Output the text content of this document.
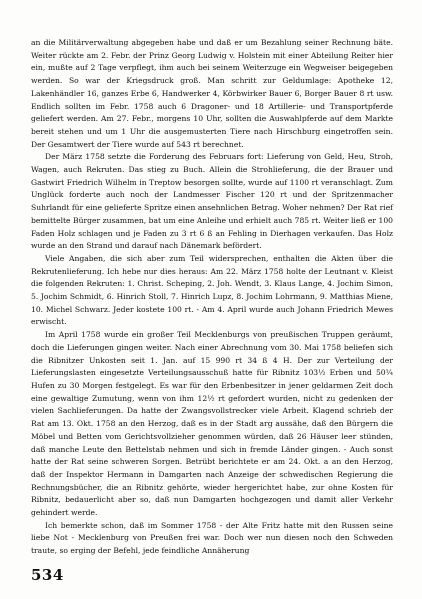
an die Militärverwaltung abgegeben habe und daß er um Bezahlung seiner Rechnung bäte. Weiter rückte am 2. Febr. der Prinz Georg Ludwig v. Holstein mit einer Abteilung Reiter hier ein, mußte auf 2 Tage verpflegt, ihm auch bei seinem Weiterzuge ein Wegweiser beigegeben werden. So war der Kriegsdruck groß. Man schritt zur Geldumlage: Apotheke 12, Lakenhändler 16, ganzes Erbe 6, Handwerker 4, Körbwirker Bauer 6, Borger Bauer 8 rt usw. Endlich sollten im Febr. 1758 auch 6 Dragoner- und 18 Artillerie- und Transportpferde geliefert werden. Am 27. Febr., morgens 10 Uhr, sollten die Auswahlpferde auf dem Markte bereit stehen und um 1 Uhr die ausgemusterten Tiere nach Hirschburg eingetroffen sein. Der Gesamtwert der Tiere wurde auf 543 rt berechnet.

Der März 1758 setzte die Forderung des Februars fort: Lieferung von Geld, Heu, Stroh, Wagen, auch Rekruten. Das stieg zu Buch. Allein die Strohlieferung, die der Brauer und Gastwirt Friedrich Wilhelm in Treptow besorgen sollte, wurde auf 1100 rt veranschlagt. Zum Unglück forderte auch noch der Landmesser Fischer 120 rt und der Spritzenmacher Suhrlandt für eine gelieferte Spritze einen ansehnlichen Betrag. Woher nehmen? Der Rat rief bemittelte Bürger zusammen, bat um eine Anleihe und erhielt auch 785 rt. Weiter ließ er 100 Faden Holz schlagen und je Faden zu 3 rt 6 ß an Fehling in Dierhagen verkaufen. Das Holz wurde an den Strand und darauf nach Dänemark befördert.

Viele Angaben, die sich aber zum Teil widersprechen, enthalten die Akten über die Rekrutenlieferung. Ich hebe nur dies heraus: Am 22. März 1758 holte der Leutnant v. Kleist die folgenden Rekruten: 1. Christ. Scheping, 2. Joh. Wendt, 3. Klaus Lange, 4. Jochim Simon, 5. Jochim Schmidt, 6. Hinrich Stoll, 7. Hinrich Lupz, 8. Jochim Lohrmann, 9. Matthias Miene, 10. Michel Schwarz. Jeder kostete 100 rt. - Am 4. April wurde auch Johann Friedrich Mewes erwischt.

Im April 1758 wurde ein großer Teil Mecklenburgs von preußischen Truppen geräumt, doch die Lieferungen gingen weiter. Nach einer Abrechnung vom 30. Mai 1758 beliefen sich die Ribnitzer Unkosten seit 1. Jan. auf 15 990 rt 34 ß 4 H. Der zur Verteilung der Lieferungslasten eingesetzte Verteilungsausschuß hatte für Ribnitz 103½ Erben und 50¼ Hufen zu 30 Morgen festgelegt. Es war für den Erbenbesitzer in jener geldarmen Zeit doch eine gewaltige Zumutung, wenn von ihm 12½ rt gefordert wurden, nicht zu gedenken der vielen Sachlieferungen. Da hatte der Zwangsvollstrecker viele Arbeit. Klagend schrieb der Rat am 13. Okt. 1758 an den Herzog, daß es in der Stadt arg aussähe, daß den Bürgern die Möbel und Betten vom Gerichtsvollzieher genommen würden, daß 26 Häuser leer stünden, daß manche Leute den Bettelstab nehmen und sich in fremde Länder gingen. - Auch sonst hatte der Rat seine schweren Sorgen. Betrübt berichtete er am 24. Okt. a an den Herzog, daß der Inspektor Hermann in Damgarten nach Anzeige der schwedischen Regierung die Rechnungsbücher, die an Ribnitz gehörte, wieder hergerichtet habe, zur ohne Kosten für Ribnitz, bedauerlicht aber so, daß nun Damgarten hochgezogen und damit aller Verkehr gehindert werde.

Ich bemerkte schon, daß im Sommer 1758 - der Alte Fritz hatte mit den Russen seine liebe Not - Mecklenburg von Preußen frei war. Doch wer nun diesen noch den Schweden traute, so erging der Befehl, jede feindliche Annäherung

534
